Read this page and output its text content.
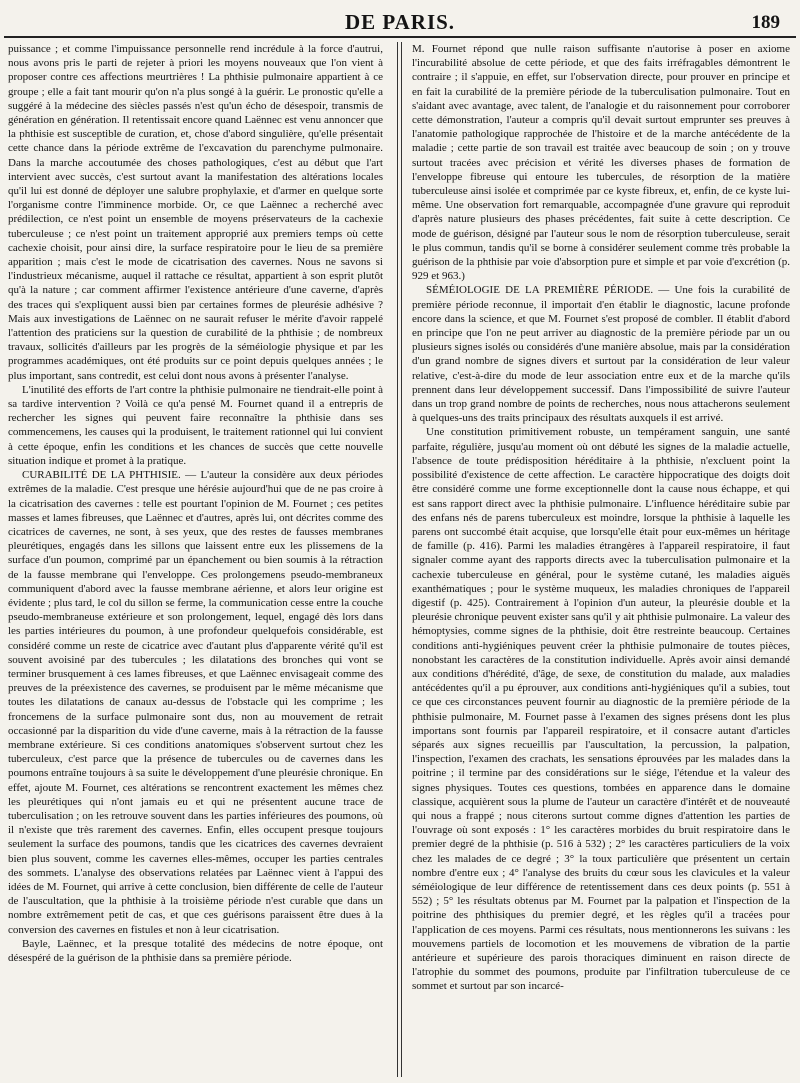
DE PARIS.	189

puissance ; et comme l'impuissance personnelle rend incrédule à la force d'autrui, nous avons pris le parti de rejeter à priori les moyens nouveaux que l'on vient à proposer contre ces affections meurtrières ! La phthisie pulmonaire appartient à ce groupe ; elle a fait tant mourir qu'on n'a plus songé à la guérir. Le pronostic qu'elle a suggéré à la médecine des siècles passés n'est qu'un écho de désespoir, transmis de génération en génération. Il retentissait encore quand Laënnec est venu annoncer que la phthisie est susceptible de curation, et, chose d'abord singulière, qu'elle présentait cette chance dans la période extrême de l'excavation du parenchyme pulmonaire. Dans la marche accoutumée des choses pathologiques, c'est au début que l'art intervient avec succès, c'est surtout avant la manifestation des altérations locales qu'il lui est donné de déployer une salubre prophylaxie, et d'armer en quelque sorte l'organisme contre l'imminence morbide. Or, ce que Laënnec a recherché avec prédilection, ce n'est point un ensemble de moyens préservateurs de la cachexie tuberculeuse ; ce n'est point un traitement approprié aux premiers temps où cette cachexie choisit, pour ainsi dire, la surface respiratoire pour le lieu de sa première apparition ; mais c'est le mode de cicatrisation des cavernes. Nous ne savons si l'industrieux mécanisme, auquel il rattache ce résultat, appartient à son esprit plutôt qu'à la nature ; car comment affirmer l'existence antérieure d'une caverne, d'après des traces qui s'expliquent aussi bien par certaines formes de pleurésie adhésive ? Mais aux investigations de Laënnec on ne saurait refuser le mérite d'avoir rappelé l'attention des praticiens sur la question de curabilité de la phthisie ; de nombreux travaux, sollicités d'ailleurs par les progrès de la séméiologie physique et par les programmes académiques, ont été produits sur ce point depuis quelques années ; le plus important, sans contredit, est celui dont nous avons à présenter l'analyse.

L'inutilité des efforts de l'art contre la phthisie pulmonaire ne tiendrait-elle point à sa tardive intervention ? Voilà ce qu'a pensé M. Fournet quand il a entrepris de rechercher les signes qui peuvent faire reconnaître la phthisie dans ses commencemens, les causes qui la produisent, le traitement rationnel qui lui convient à cette époque, enfin les conditions et les chances de succès que cette nouvelle situation indique et promet à la pratique.

CURABILITÉ DE LA PHTHISIE. — L'auteur la considère aux deux périodes extrêmes de la maladie. C'est presque une hérésie aujourd'hui que de ne pas croire à la cicatrisation des cavernes : telle est pourtant l'opinion de M. Fournet ; ces petites masses et lames fibreuses, que Laënnec et d'autres, après lui, ont décrites comme des cicatrices de cavernes, ne sont, à ses yeux, que des restes de fausses membranes pleurétiques, engagés dans les sillons que laissent entre eux les plissemens de la surface d'un poumon, comprimé par un épanchement ou bien soumis à la rétraction de la fausse membrane qui l'enveloppe. Ces prolongemens pseudo-membraneux communiquent d'abord avec la fausse membrane aérienne, et alors leur origine est évidente ; plus tard, le col du sillon se ferme, la communication cesse entre la couche pseudo-membraneuse extérieure et son prolongement, lequel, engagé dès lors dans les parties intérieures du poumon, à une profondeur quelquefois considérable, est considéré comme un reste de cicatrice avec d'autant plus d'apparente vérité qu'il est souvent avoisiné par des tubercules ; les dilatations des bronches qui vont se terminer brusquement à ces lames fibreuses, et que Laënnec envisageait comme des preuves de la préexistence des cavernes, se produisent par le même mécanisme que toutes les dilatations de canaux au-dessus de l'obstacle qui les comprime ; les froncemens de la surface pulmonaire sont dus, non au mouvement de retrait occasionné par la disparition du vide d'une caverne, mais à la rétraction de la fausse membrane extérieure. Si ces conditions anatomiques s'observent surtout chez les tuberculeux, c'est parce que la présence de tubercules ou de cavernes dans les poumons entraîne toujours à sa suite le développement d'une pleurésie chronique. En effet, ajoute M. Fournet, ces altérations se rencontrent exactement les mêmes chez les pleurétiques qui n'ont jamais eu et qui ne présentent aucune trace de tuberculisation ; on les retrouve souvent dans les parties inférieures des poumons, où il n'existe que très rarement des cavernes. Enfin, elles occupent presque toujours seulement la surface des poumons, tandis que les cicatrices des cavernes devraient bien plus souvent, comme les cavernes elles-mêmes, occuper les parties centrales des sommets. L'analyse des observations relatées par Laënnec vient à l'appui des idées de M. Fournet, qui arrive à cette conclusion, bien différente de celle de l'auteur de l'auscultation, que la phthisie à la troisième période n'est curable que dans un nombre extrêmement petit de cas, et que ces guérisons paraissent être dues à la conversion des cavernes en fistules et non à leur cicatrisation.

Bayle, Laënnec, et la presque totalité des médecins de notre époque, ont désespéré de la guérison de la phthisie dans sa première période.

M. Fournet répond que nulle raison suffisante n'autorise à poser en axiome l'incurabilité absolue de cette période, et que des faits irréfragables démontrent le contraire ; il s'appuie, en effet, sur l'observation directe, pour prouver en principe et en fait la curabilité de la première période de la tuberculisation pulmonaire. Tout en s'aidant avec avantage, avec talent, de l'analogie et du raisonnement pour corroborer cette démonstration, l'auteur a compris qu'il devait surtout emprunter ses preuves à l'anatomie pathologique rapprochée de l'histoire et de la marche antécédente de la maladie ; cette partie de son travail est traitée avec beaucoup de soin ; on y trouve surtout tracées avec précision et vérité les diverses phases de formation de l'enveloppe fibreuse qui entoure les tubercules, de résorption de la matière tuberculeuse ainsi isolée et comprimée par ce kyste fibreux, et, enfin, de ce kyste lui-même. Une observation fort remarquable, accompagnée d'une gravure qui reproduit d'après nature plusieurs des phases précédentes, fait suite à cette description. Ce mode de guérison, désigné par l'auteur sous le nom de résorption tuberculeuse, serait le plus commun, tandis qu'il se borne à considérer seulement comme très probable la guérison de la phthisie par voie d'absorption pure et simple et par voie d'excrétion (p. 929 et 963.)

SÉMÉIOLOGIE DE LA PREMIÈRE PÉRIODE. — Une fois la curabilité de première période reconnue, il importait d'en établir le diagnostic, lacune profonde encore dans la science, et que M. Fournet s'est proposé de combler. Il établit d'abord en principe que l'on ne peut arriver au diagnostic de la première période par un ou plusieurs signes isolés ou considérés d'une manière absolue, mais par la considération d'un grand nombre de signes divers et surtout par la considération de leur valeur relative, c'est-à-dire du mode de leur association entre eux et de la marche qu'ils prennent dans leur développement successif. Dans l'impossibilité de suivre l'auteur dans un trop grand nombre de points de recherches, nous nous attacherons seulement à quelques-uns des traits principaux des résultats auxquels il est arrivé.

Une constitution primitivement robuste, un tempérament sanguin, une santé parfaite, régulière, jusqu'au moment où ont débuté les signes de la maladie actuelle, l'absence de toute prédisposition héréditaire à la phthisie, n'excluent point la possibilité d'existence de cette affection. Le caractère hippocratique des doigts doit être considéré comme une forme exceptionnelle dont la cause nous échappe, et qui est sans rapport direct avec la phthisie pulmonaire. L'influence héréditaire subie par des enfans nés de parens tuberculeux est moindre, lorsque la phthisie à laquelle les parens ont succombé était acquise, que lorsqu'elle était pour eux-mêmes un héritage de famille (p. 416). Parmi les maladies étrangères à l'appareil respiratoire, il faut signaler comme ayant des rapports directs avec la tuberculisation pulmonaire et la cachexie tuberculeuse en général, pour le système cutané, les maladies aiguës exanthématiques ; pour le système muqueux, les maladies chroniques de l'appareil digestif (p. 425). Contrairement à l'opinion d'un auteur, la pleurésie double et la pleurésie chronique peuvent exister sans qu'il y ait phthisie pulmonaire. La valeur des hémoptysies, comme signes de la phthisie, doit être restreinte beaucoup. Certaines conditions anti-hygiéniques peuvent créer la phthisie pulmonaire de toutes pièces, nonobstant les caractères de la constitution individuelle. Après avoir ainsi demandé aux conditions d'hérédité, d'âge, de sexe, de constitution du malade, aux maladies antécédentes qu'il a pu éprouver, aux conditions anti-hygiéniques qu'il a subies, tout ce que ces circonstances peuvent fournir au diagnostic de la première période de la phthisie pulmonaire, M. Fournet passe à l'examen des signes présens dont les plus importans sont fournis par l'appareil respiratoire, et il consacre autant d'articles séparés aux signes recueillis par l'auscultation, la percussion, la palpation, l'inspection, l'examen des crachats, les sensations éprouvées par les malades dans la poitrine ; il termine par des considérations sur le siége, l'étendue et la valeur des signes physiques. Toutes ces questions, tombées en apparence dans le domaine classique, acquièrent sous la plume de l'auteur un caractère d'intérêt et de nouveauté qui nous a frappé ; nous citerons surtout comme dignes d'attention les parties de l'ouvrage où sont exposés : 1° les caractères morbides du bruit respiratoire dans le premier degré de la phthisie (p. 516 à 532) ; 2° les caractères particuliers de la voix chez les malades de ce degré ; 3° la toux particulière que présentent un certain nombre d'entre eux ; 4° l'analyse des bruits du cœur sous les clavicules et la valeur séméiologique de leur différence de retentissement dans ces deux points (p. 551 à 552) ; 5° les résultats obtenus par M. Fournet par la palpation et l'inspection de la poitrine des phthisiques du premier degré, et les règles qu'il a tracées pour l'application de ces moyens. Parmi ces résultats, nous mentionnerons les suivans : les mouvemens partiels de locomotion et les mouvemens de vibration de la partie antérieure et supérieure des parois thoraciques diminuent en raison directe de l'atrophie du sommet des poumons, produite par l'infiltration tuberculeuse de ce sommet et surtout par son incarcé-
